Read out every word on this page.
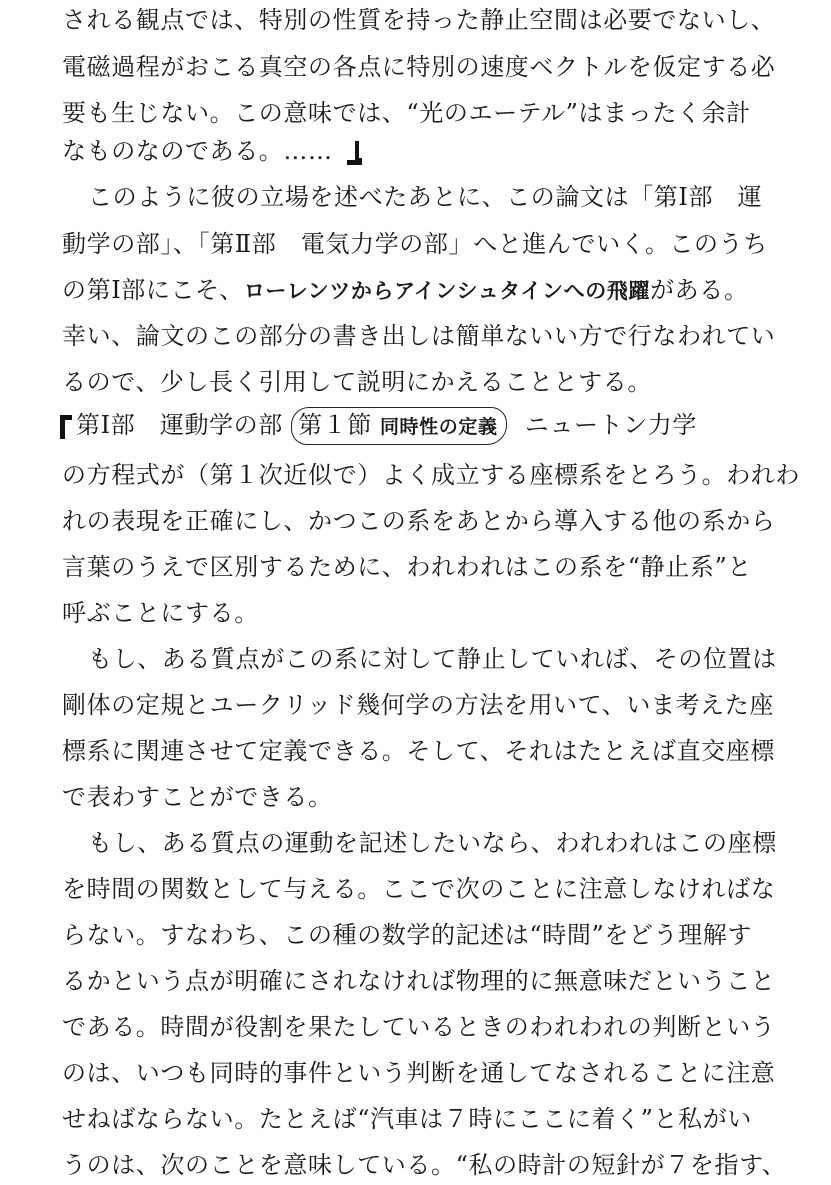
される観点では、特別の性質を持った静止空間は必要でないし、
電磁過程がおこる真空の各点に特別の速度ベクトルを仮定する必
要も生じない。この意味では、“光のエーテル”はまったく余計
なものなのである。……
このように彼の立場を述べたあとに、この論文は「第Ⅰ部　運
動学の部」、「第Ⅱ部　電気力学の部」へと進んでいく。このうち
の第Ⅰ部にこそ、ローレンツからアインシュタインへの飛躍がある。
幸い、論文のこの部分の書き出しは簡単ないい方で行なわれてい
るので、少し長く引用して説明にかえることとする。
第Ⅰ部　運動学の部 第１節 同時性の定義 ニュートン力学
の方程式が（第１次近似で）よく成立する座標系をとろう。われわ
れの表現を正確にし、かつこの系をあとから導入する他の系から
言葉のうえで区別するために、われわれはこの系を“静止系”と
呼ぶことにする。
もし、ある質点がこの系に対して静止していれば、その位置は
剛体の定規とユークリッド幾何学の方法を用いて、いま考えた座
標系に関連させて定義できる。そして、それはたとえば直交座標
で表わすことができる。
もし、ある質点の運動を記述したいなら、われわれはこの座標
を時間の関数として与える。ここで次のことに注意しなければな
らない。すなわち、この種の数学的記述は“時間”をどう理解す
るかという点が明確にされなければ物理的に無意味だということ
である。時間が役割を果たしているときのわれわれの判断という
のは、いつも同時的事件という判断を通してなされることに注意
せねばならない。たとえば“汽車は７時にここに着く”と私がい
うのは、次のことを意味している。“私の時計の短針が７を指す、
